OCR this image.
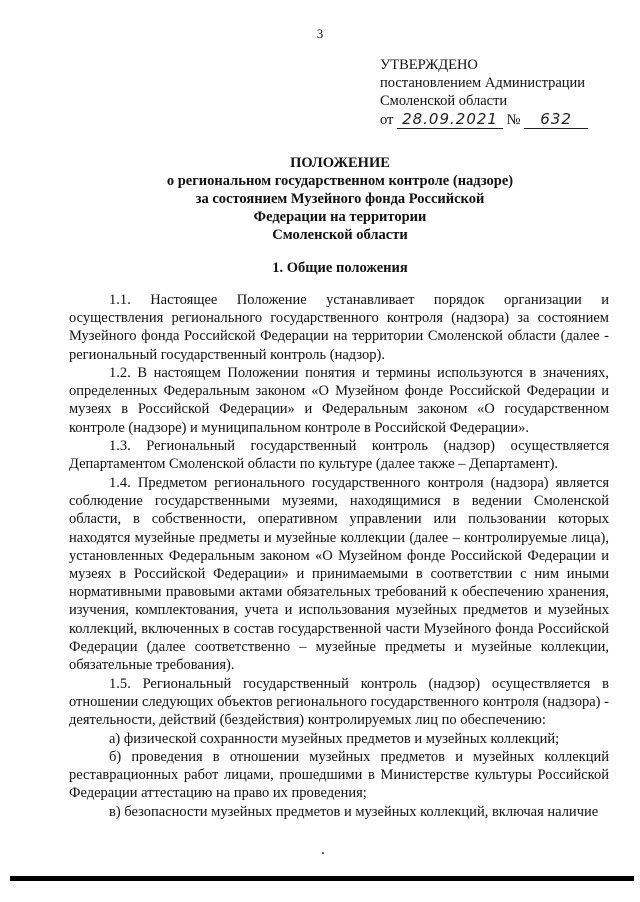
3
УТВЕРЖДЕНО
постановлением Администрации
Смоленской области
от 28.09.2021 № 632
ПОЛОЖЕНИЕ
о региональном государственном контроле (надзоре)
за состоянием Музейного фонда Российской
Федерации на территории
Смоленской области
1. Общие положения
1.1. Настоящее Положение устанавливает порядок организации и осуществления регионального государственного контроля (надзора) за состоянием Музейного фонда Российской Федерации на территории Смоленской области (далее - региональный государственный контроль (надзор).
1.2. В настоящем Положении понятия и термины используются в значениях, определенных Федеральным законом «О Музейном фонде Российской Федерации и музеях в Российской Федерации» и Федеральным законом «О государственном контроле (надзоре) и муниципальном контроле в Российской Федерации».
1.3. Региональный государственный контроль (надзор) осуществляется Департаментом Смоленской области по культуре (далее также – Департамент).
1.4. Предметом регионального государственного контроля (надзора) является соблюдение государственными музеями, находящимися в ведении Смоленской области, в собственности, оперативном управлении или пользовании которых находятся музейные предметы и музейные коллекции (далее – контролируемые лица), установленных Федеральным законом «О Музейном фонде Российской Федерации и музеях в Российской Федерации» и принимаемыми в соответствии с ним иными нормативными правовыми актами обязательных требований к обеспечению хранения, изучения, комплектования, учета и использования музейных предметов и музейных коллекций, включенных в состав государственной части Музейного фонда Российской Федерации (далее соответственно – музейные предметы и музейные коллекции, обязательные требования).
1.5. Региональный государственный контроль (надзор) осуществляется в отношении следующих объектов регионального государственного контроля (надзора) - деятельности, действий (бездействия) контролируемых лиц по обеспечению:
а) физической сохранности музейных предметов и музейных коллекций;
б) проведения в отношении музейных предметов и музейных коллекций реставрационных работ лицами, прошедшими в Министерстве культуры Российской Федерации аттестацию на право их проведения;
в) безопасности музейных предметов и музейных коллекций, включая наличие
